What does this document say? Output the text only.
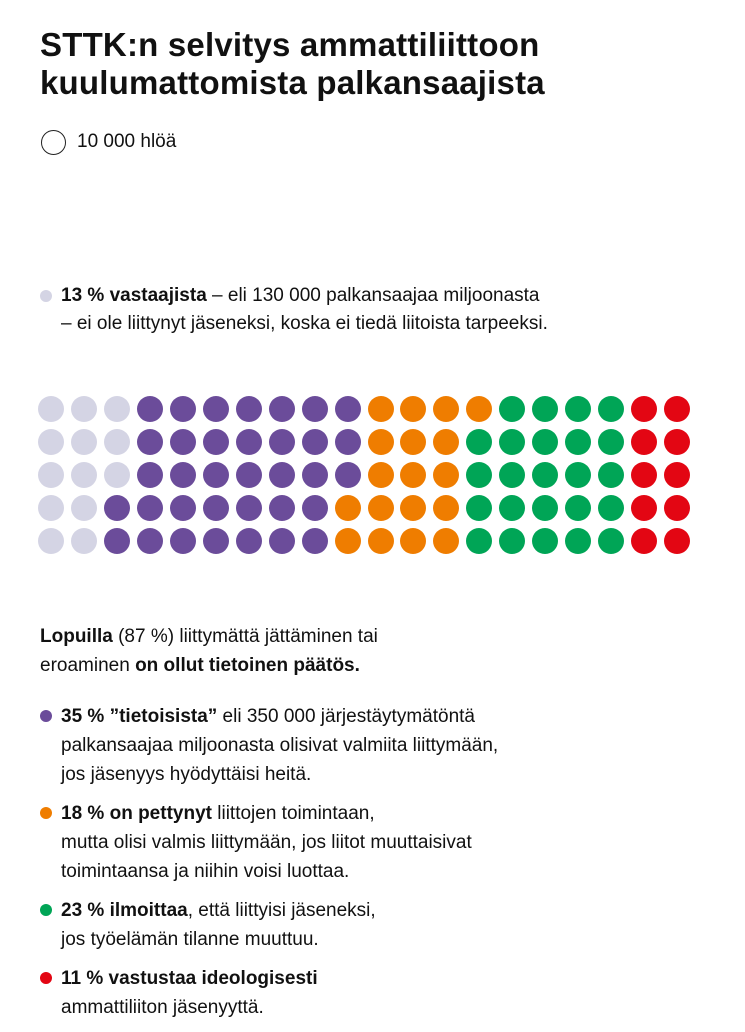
STTK:n selvitys ammattiliittoon
kuulumattomista palkansaajista
10 000 hlöä
13 % vastaajista – eli 130 000 palkansaajaa miljoonasta
– ei ole liittynyt jäseneksi, koska ei tiedä liitoista tarpeeksi.
Lopuilla (87 %) liittymättä jättäminen tai
eroaminen on ollut tietoinen päätös.
35 % ”tietoisista” eli 350 000 järjestäytymätöntä
palkansaajaa miljoonasta olisivat valmiita liittymään,
jos jäsenyys hyödyttäisi heitä.
18 % on pettynyt liittojen toimintaan,
mutta olisi valmis liittymään, jos liitot muuttaisivat
toimintaansa ja niihin voisi luottaa.
23 % ilmoittaa, että liittyisi jäseneksi,
jos työelämän tilanne muuttuu.
11 % vastustaa ideologisesti
ammattiliiton jäsenyyttä.
